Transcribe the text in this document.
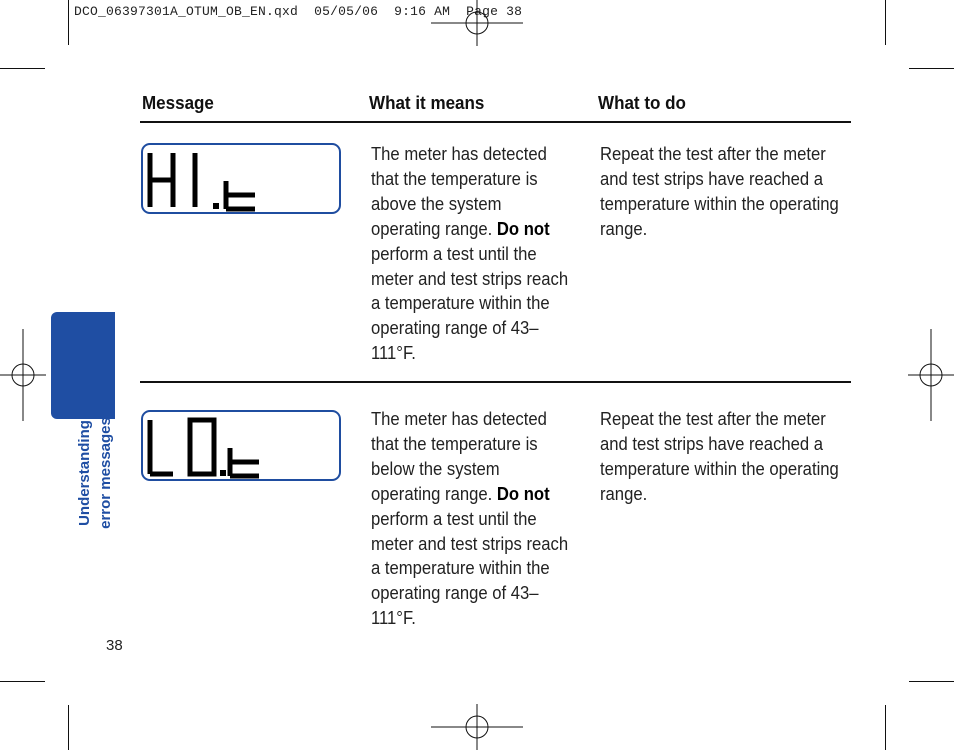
DCO_06397301A_OTUM_OB_EN.qxd 05/05/06 9:16 AM Page 38
Message	What it means	What to do
The meter has detected that the temperature is above the system operating range. Do not perform a test until the meter and test strips reach a temperature within the operating range of 43–111°F.
Repeat the test after the meter and test strips have reached a temperature within the operating range.
The meter has detected that the temperature is below the system operating range. Do not perform a test until the meter and test strips reach a temperature within the operating range of 43–111°F.
Repeat the test after the meter and test strips have reached a temperature within the operating range.
Understanding error messages
38
